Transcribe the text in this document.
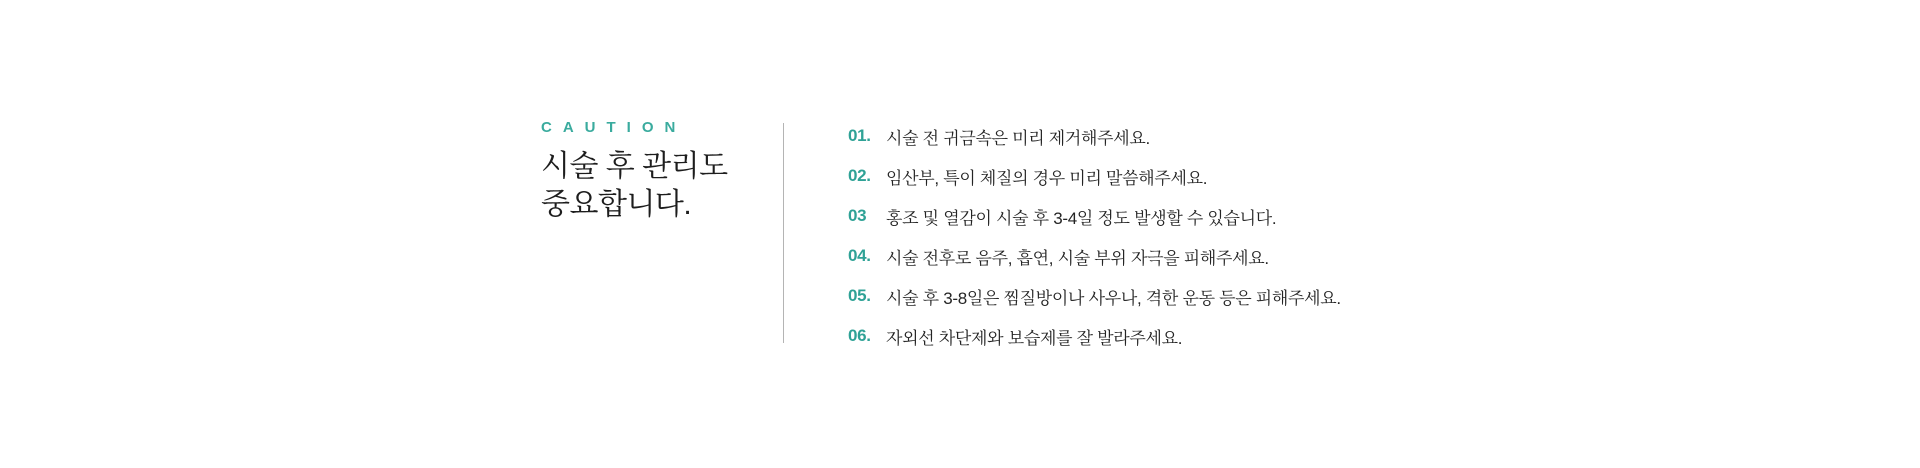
CAUTION
시술 후 관리도
중요합니다.
01. 시술 전 귀금속은 미리 제거해주세요.
02. 임산부, 특이 체질의 경우 미리 말씀해주세요.
03	홍조 및 열감이 시술 후 3-4일 정도 발생할 수 있습니다.
04. 시술 전후로 음주, 흡연, 시술 부위 자극을 피해주세요.
05. 시술 후 3-8일은 찜질방이나 사우나, 격한 운동 등은 피해주세요.
06. 자외선 차단제와 보습제를 잘 발라주세요.
